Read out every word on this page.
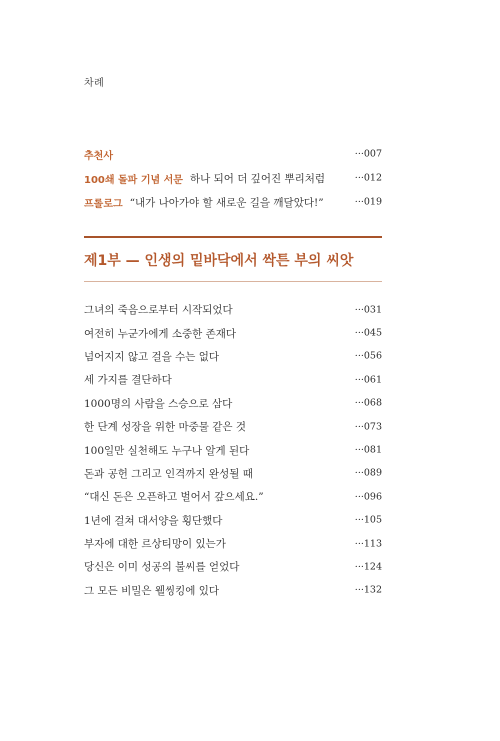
차례
추천사	···007
100쇄 돌파 기념 서문 하나 되어 더 깊어진 뿌리처럼	···012
프롤로그 “내가 나아가야 할 새로운 길을 깨달았다!”	···019
제1부 — 인생의 밑바닥에서 싹튼 부의 씨앗
그녀의 죽음으로부터 시작되었다	···031
여전히 누군가에게 소중한 존재다	···045
넘어지지 않고 걸을 수는 없다	···056
세 가지를 결단하다	···061
1000명의 사람을 스승으로 삼다	···068
한 단계 성장을 위한 마중물 같은 것	···073
100일만 실천해도 누구나 알게 된다	···081
돈과 공헌 그리고 인격까지 완성될 때	···089
“대신 돈은 오픈하고 벌어서 갚으세요.”	···096
1년에 걸쳐 대서양을 횡단했다	···105
부자에 대한 르상티망이 있는가	···113
당신은 이미 성공의 불씨를 얻었다	···124
그 모든 비밀은 웰씽킹에 있다	···132
